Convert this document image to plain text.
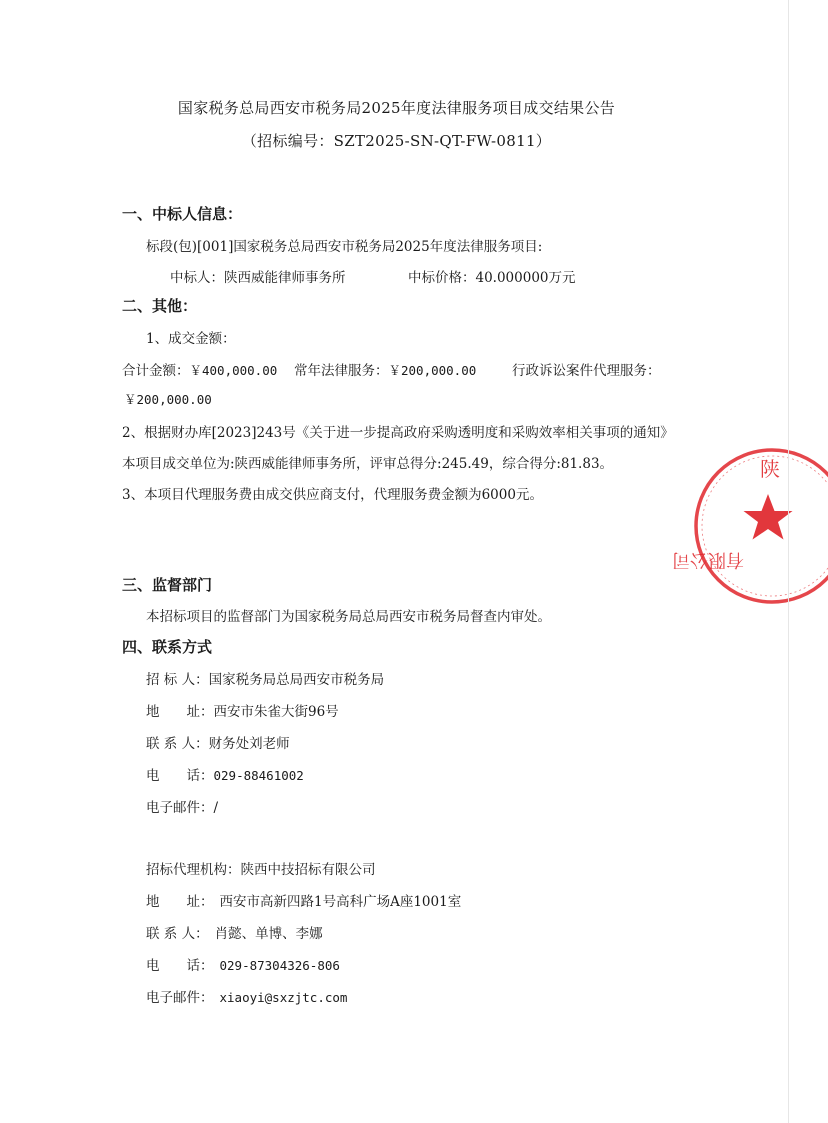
国家税务总局西安市税务局2025年度法律服务项目成交结果公告
（招标编号：SZT2025-SN-QT-FW-0811）
一、中标人信息：
标段(包)[001]国家税务总局西安市税务局2025年度法律服务项目:
中标人：陕西威能律师事务所	中标价格：40.000000万元
二、其他：
1、成交金额：
合计金额：￥400,000.00 常年法律服务：￥200,000.00	行政诉讼案件代理服务：
￥200,000.00
2、根据财办库[2023]243号《关于进一步提高政府采购透明度和采购效率相关事项的通知》
本项目成交单位为:陕西威能律师事务所，评审总得分:245.49，综合得分:81.83。
3、本项目代理服务费由成交供应商支付，代理服务费金额为6000元。
三、监督部门
本招标项目的监督部门为国家税务局总局西安市税务局督查内审处。
四、联系方式
招 标 人：国家税务局总局西安市税务局
地　　址：西安市朱雀大街96号
联 系 人：财务处刘老师
电　　话：029-88461002
电子邮件：/
招标代理机构：陕西中技招标有限公司
地　　址： 西安市高新四路1号高科广场A座1001室
联 系 人： 肖懿、单博、李娜
电　　话： 029-87304326-806
电子邮件： xiaoyi@sxzjtc.com
陕
有限公司
